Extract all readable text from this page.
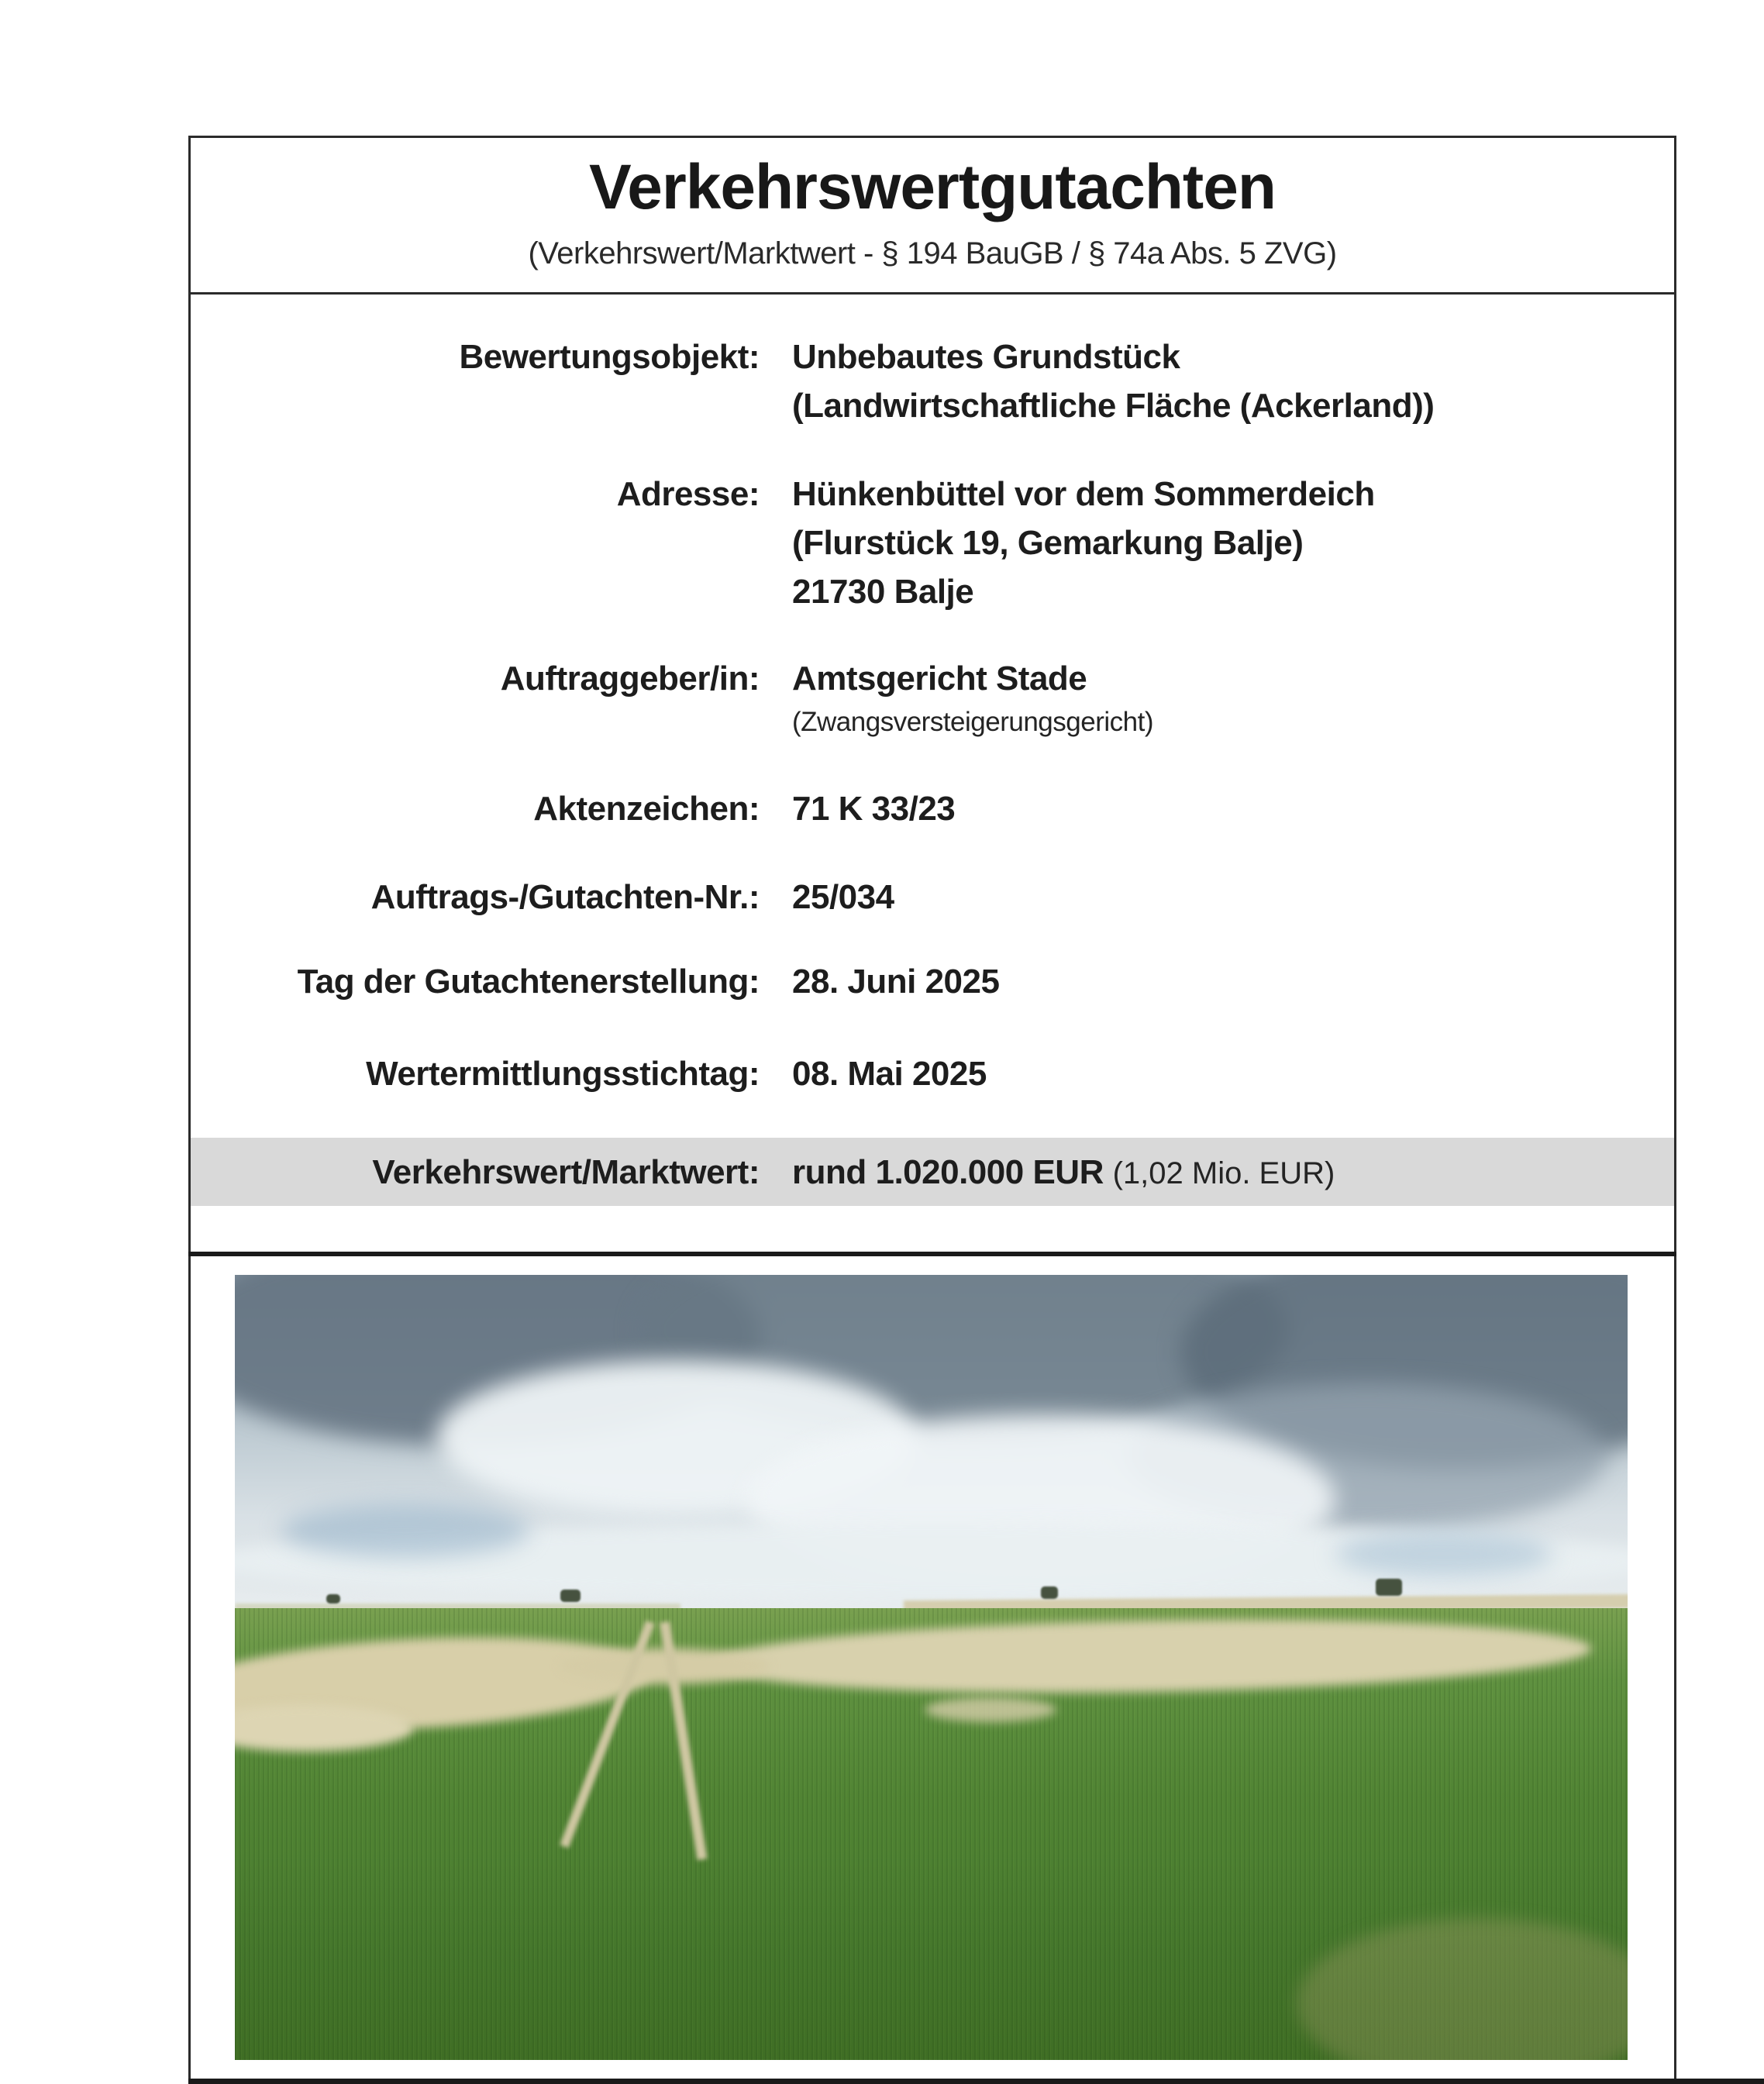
Verkehrswertgutachten
(Verkehrswert/Marktwert - § 194 BauGB / § 74a Abs. 5 ZVG)
Bewertungsobjekt: Unbebautes Grundstück
(Landwirtschaftliche Fläche (Ackerland))
Adresse: Hünkenbüttel vor dem Sommerdeich
(Flurstück 19, Gemarkung Balje)
21730 Balje
Auftraggeber/in: Amtsgericht Stade
(Zwangsversteigerungsgericht)
Aktenzeichen: 71 K 33/23
Auftrags-/Gutachten-Nr.: 25/034
Tag der Gutachtenerstellung: 28. Juni 2025
Wertermittlungsstichtag: 08. Mai 2025
Verkehrswert/Marktwert: rund 1.020.000 EUR (1,02 Mio. EUR)
